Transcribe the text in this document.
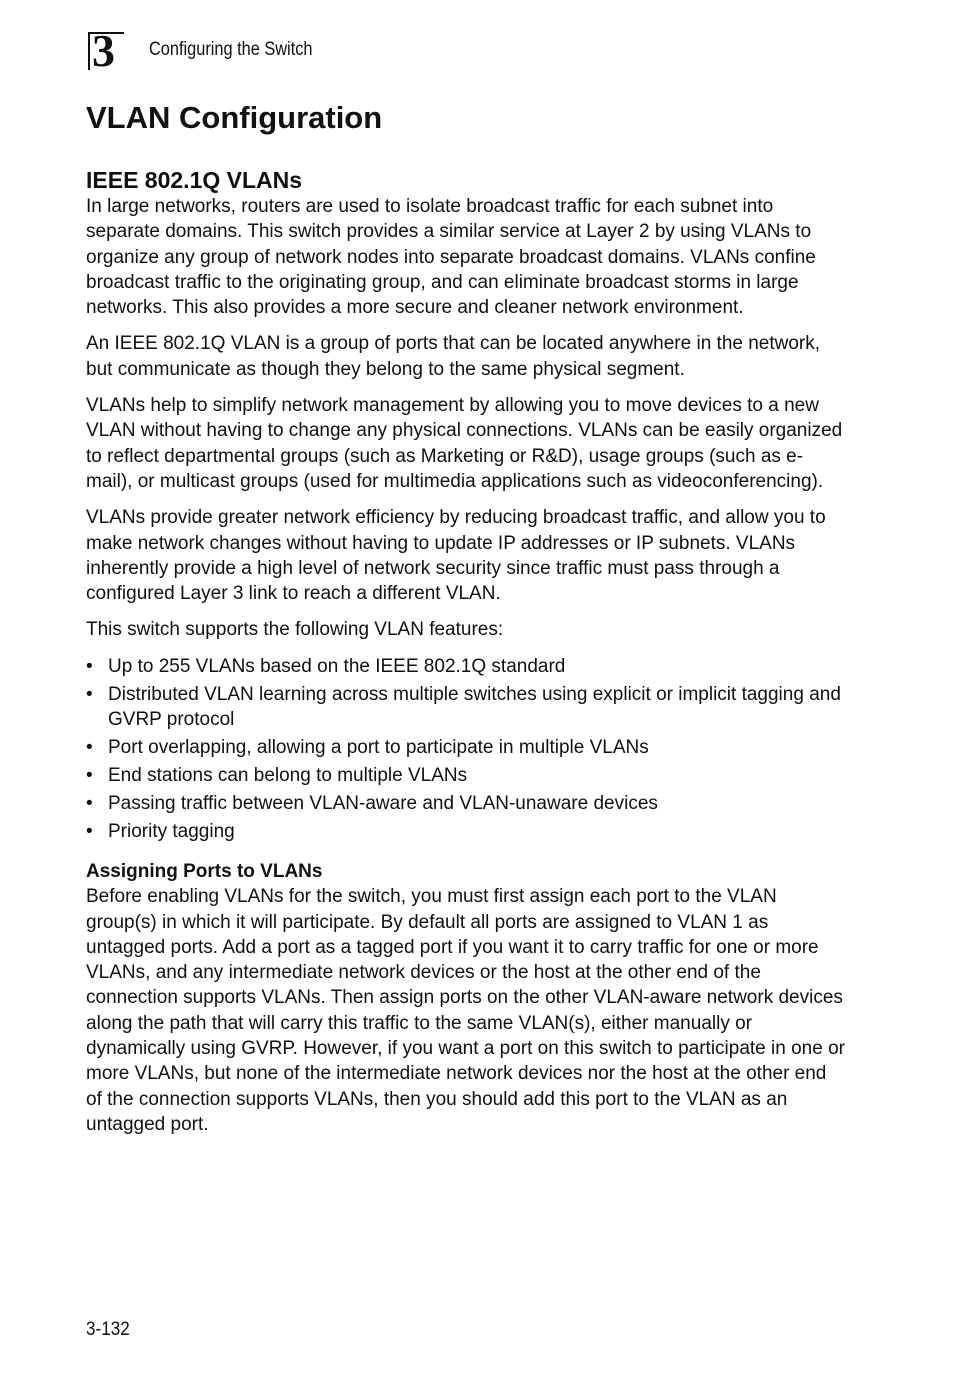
3 Configuring the Switch
VLAN Configuration
IEEE 802.1Q VLANs

In large networks, routers are used to isolate broadcast traffic for each subnet into separate domains. This switch provides a similar service at Layer 2 by using VLANs to organize any group of network nodes into separate broadcast domains. VLANs confine broadcast traffic to the originating group, and can eliminate broadcast storms in large networks. This also provides a more secure and cleaner network environment.

An IEEE 802.1Q VLAN is a group of ports that can be located anywhere in the network, but communicate as though they belong to the same physical segment.

VLANs help to simplify network management by allowing you to move devices to a new VLAN without having to change any physical connections. VLANs can be easily organized to reflect departmental groups (such as Marketing or R&D), usage groups (such as e-mail), or multicast groups (used for multimedia applications such as videoconferencing).

VLANs provide greater network efficiency by reducing broadcast traffic, and allow you to make network changes without having to update IP addresses or IP subnets. VLANs inherently provide a high level of network security since traffic must pass through a configured Layer 3 link to reach a different VLAN.

This switch supports the following VLAN features:

• Up to 255 VLANs based on the IEEE 802.1Q standard
• Distributed VLAN learning across multiple switches using explicit or implicit tagging and GVRP protocol
• Port overlapping, allowing a port to participate in multiple VLANs
• End stations can belong to multiple VLANs
• Passing traffic between VLAN-aware and VLAN-unaware devices
• Priority tagging
Assigning Ports to VLANs

Before enabling VLANs for the switch, you must first assign each port to the VLAN group(s) in which it will participate. By default all ports are assigned to VLAN 1 as untagged ports. Add a port as a tagged port if you want it to carry traffic for one or more VLANs, and any intermediate network devices or the host at the other end of the connection supports VLANs. Then assign ports on the other VLAN-aware network devices along the path that will carry this traffic to the same VLAN(s), either manually or dynamically using GVRP. However, if you want a port on this switch to participate in one or more VLANs, but none of the intermediate network devices nor the host at the other end of the connection supports VLANs, then you should add this port to the VLAN as an untagged port.

3-132
